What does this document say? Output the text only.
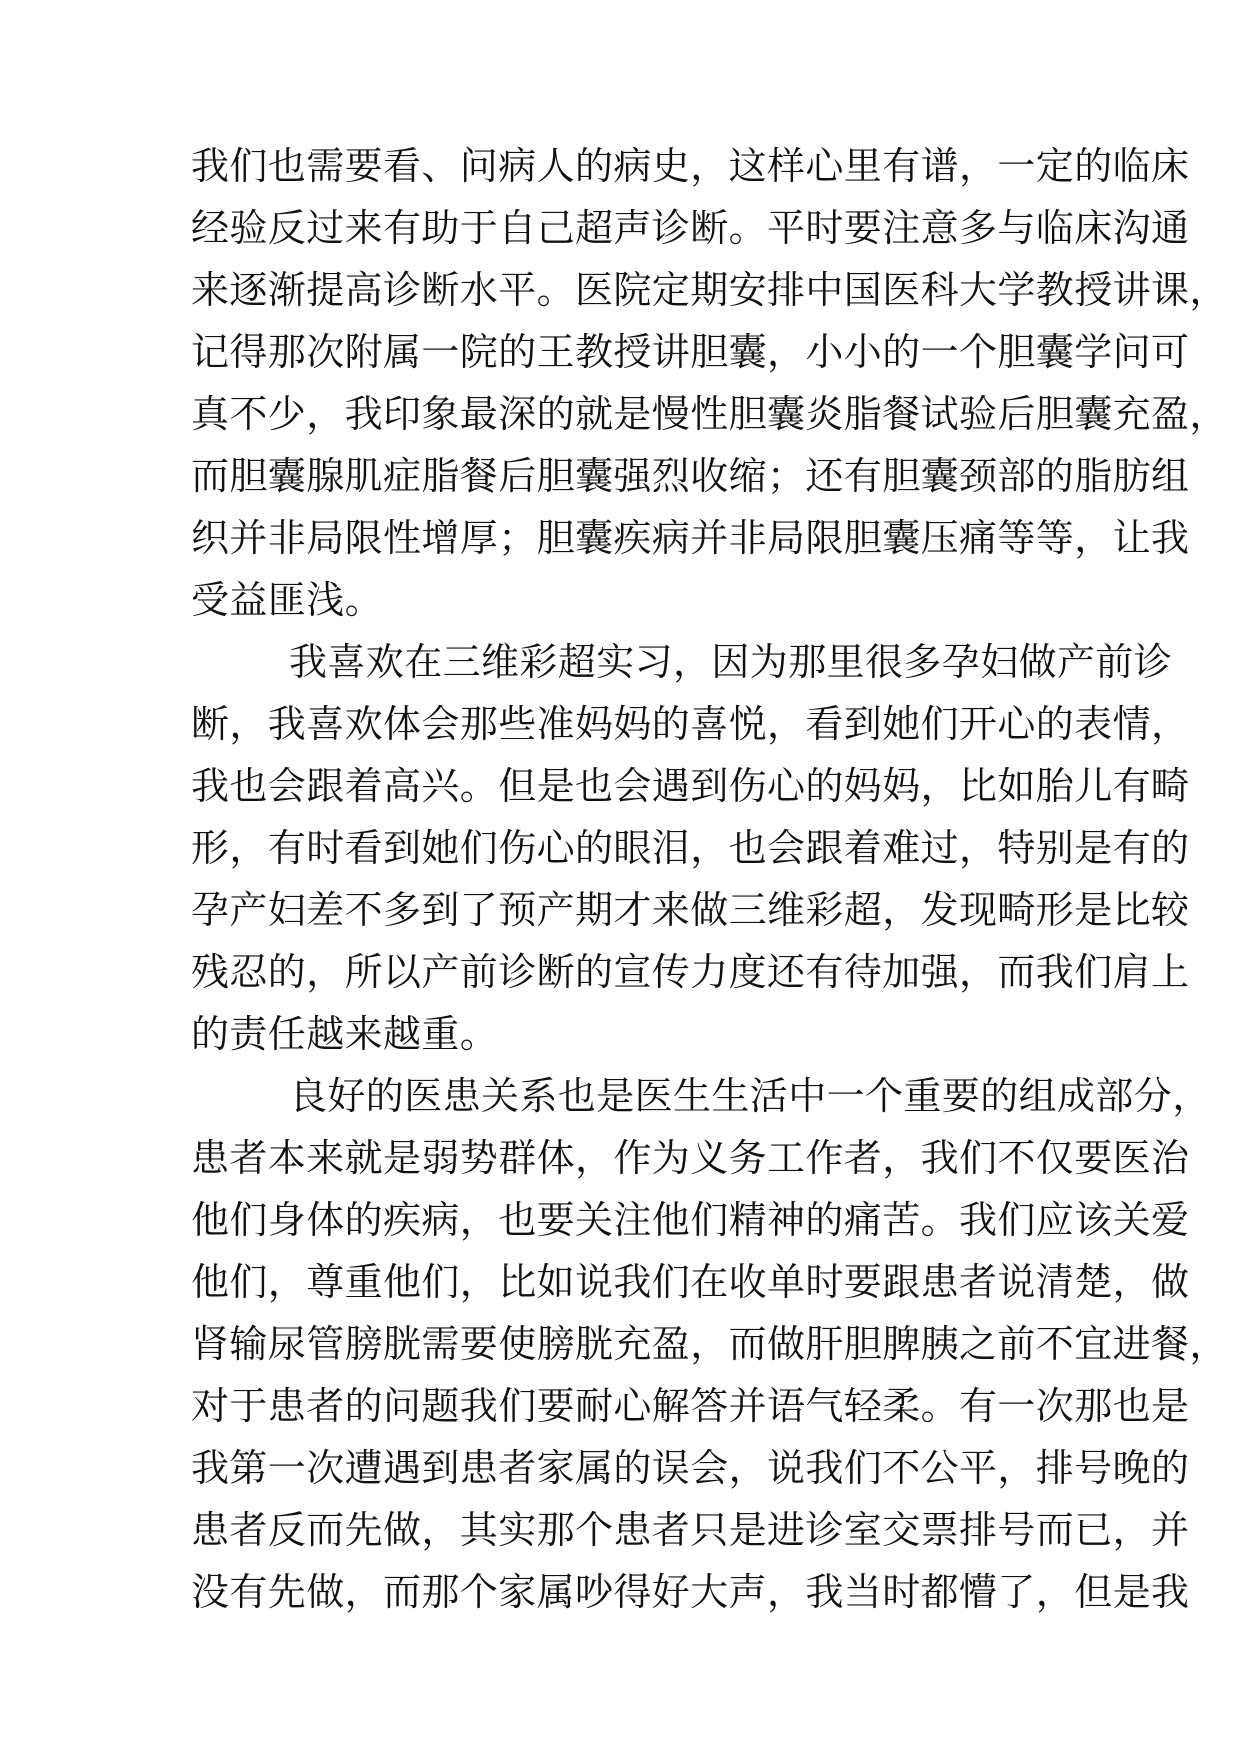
我们也需要看、问病人的病史，这样心里有谱，一定的临床
经验反过来有助于自己超声诊断。平时要注意多与临床沟通
来逐渐提高诊断水平。医院定期安排中国医科大学教授讲课，
记得那次附属一院的王教授讲胆囊，小小的一个胆囊学问可
真不少，我印象最深的就是慢性胆囊炎脂餐试验后胆囊充盈，
而胆囊腺肌症脂餐后胆囊强烈收缩；还有胆囊颈部的脂肪组
织并非局限性增厚；胆囊疾病并非局限胆囊压痛等等，让我
受益匪浅。
我喜欢在三维彩超实习，因为那里很多孕妇做产前诊
断，我喜欢体会那些准妈妈的喜悦，看到她们开心的表情，
我也会跟着高兴。但是也会遇到伤心的妈妈，比如胎儿有畸
形，有时看到她们伤心的眼泪，也会跟着难过，特别是有的
孕产妇差不多到了预产期才来做三维彩超，发现畸形是比较
残忍的，所以产前诊断的宣传力度还有待加强，而我们肩上
的责任越来越重。
良好的医患关系也是医生生活中一个重要的组成部分，
患者本来就是弱势群体，作为义务工作者，我们不仅要医治
他们身体的疾病，也要关注他们精神的痛苦。我们应该关爱
他们，尊重他们，比如说我们在收单时要跟患者说清楚，做
肾输尿管膀胱需要使膀胱充盈，而做肝胆脾胰之前不宜进餐，
对于患者的问题我们要耐心解答并语气轻柔。有一次那也是
我第一次遭遇到患者家属的误会，说我们不公平，排号晚的
患者反而先做，其实那个患者只是进诊室交票排号而已，并
没有先做，而那个家属吵得好大声，我当时都懵了，但是我
